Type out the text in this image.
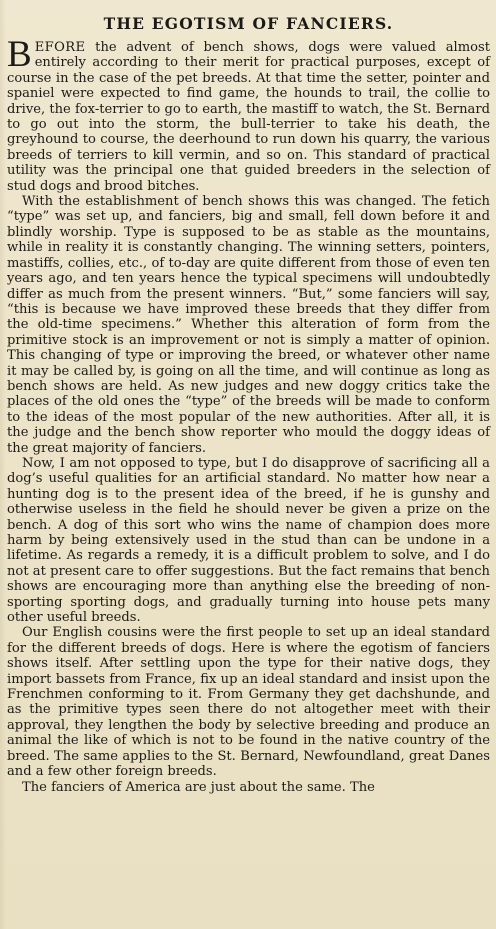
THE EGOTISM OF FANCIERS.

BEFORE the advent of bench shows, dogs were valued almost entirely according to their merit for practical purposes, except of course in the case of the pet breeds. At that time the setter, pointer and spaniel were expected to find game, the hounds to trail, the collie to drive, the fox-terrier to go to earth, the mastiff to watch, the St. Bernard to go out into the storm, the bull-terrier to take his death, the greyhound to course, the deerhound to run down his quarry, the various breeds of terriers to kill vermin, and so on. This standard of practical utility was the principal one that guided breeders in the selection of stud dogs and brood bitches.

With the establishment of bench shows this was changed. The fetich “type” was set up, and fanciers, big and small, fell down before it and blindly worship. Type is supposed to be as stable as the mountains, while in reality it is constantly changing. The winning setters, pointers, mastiffs, collies, etc., of to-day are quite different from those of even ten years ago, and ten years hence the typical specimens will undoubtedly differ as much from the present winners. “But,” some fanciers will say, “this is because we have improved these breeds that they differ from the old-time specimens.” Whether this alteration of form from the primitive stock is an improvement or not is simply a matter of opinion. This changing of type or improving the breed, or whatever other name it may be called by, is going on all the time, and will continue as long as bench shows are held. As new judges and new doggy critics take the places of the old ones the “type” of the breeds will be made to conform to the ideas of the most popular of the new authorities. After all, it is the judge and the bench show reporter who mould the doggy ideas of the great majority of fanciers.

Now, I am not opposed to type, but I do disapprove of sacrificing all a dog’s useful qualities for an artificial standard. No matter how near a hunting dog is to the present idea of the breed, if he is gunshy and otherwise useless in the field he should never be given a prize on the bench. A dog of this sort who wins the name of champion does more harm by being extensively used in the stud than can be undone in a lifetime. As regards a remedy, it is a difficult problem to solve, and I do not at present care to offer suggestions. But the fact remains that bench shows are encouraging more than anything else the breeding of non-sporting sporting dogs, and gradually turning into house pets many other useful breeds.

Our English cousins were the first people to set up an ideal standard for the different breeds of dogs. Here is where the egotism of fanciers shows itself. After settling upon the type for their native dogs, they import bassets from France, fix up an ideal standard and insist upon the Frenchmen conforming to it. From Germany they get dachshunde, and as the primitive types seen there do not altogether meet with their approval, they lengthen the body by selective breeding and produce an animal the like of which is not to be found in the native country of the breed. The same applies to the St. Bernard, Newfoundland, great Danes and a few other foreign breeds.

The fanciers of America are just about the same. The
